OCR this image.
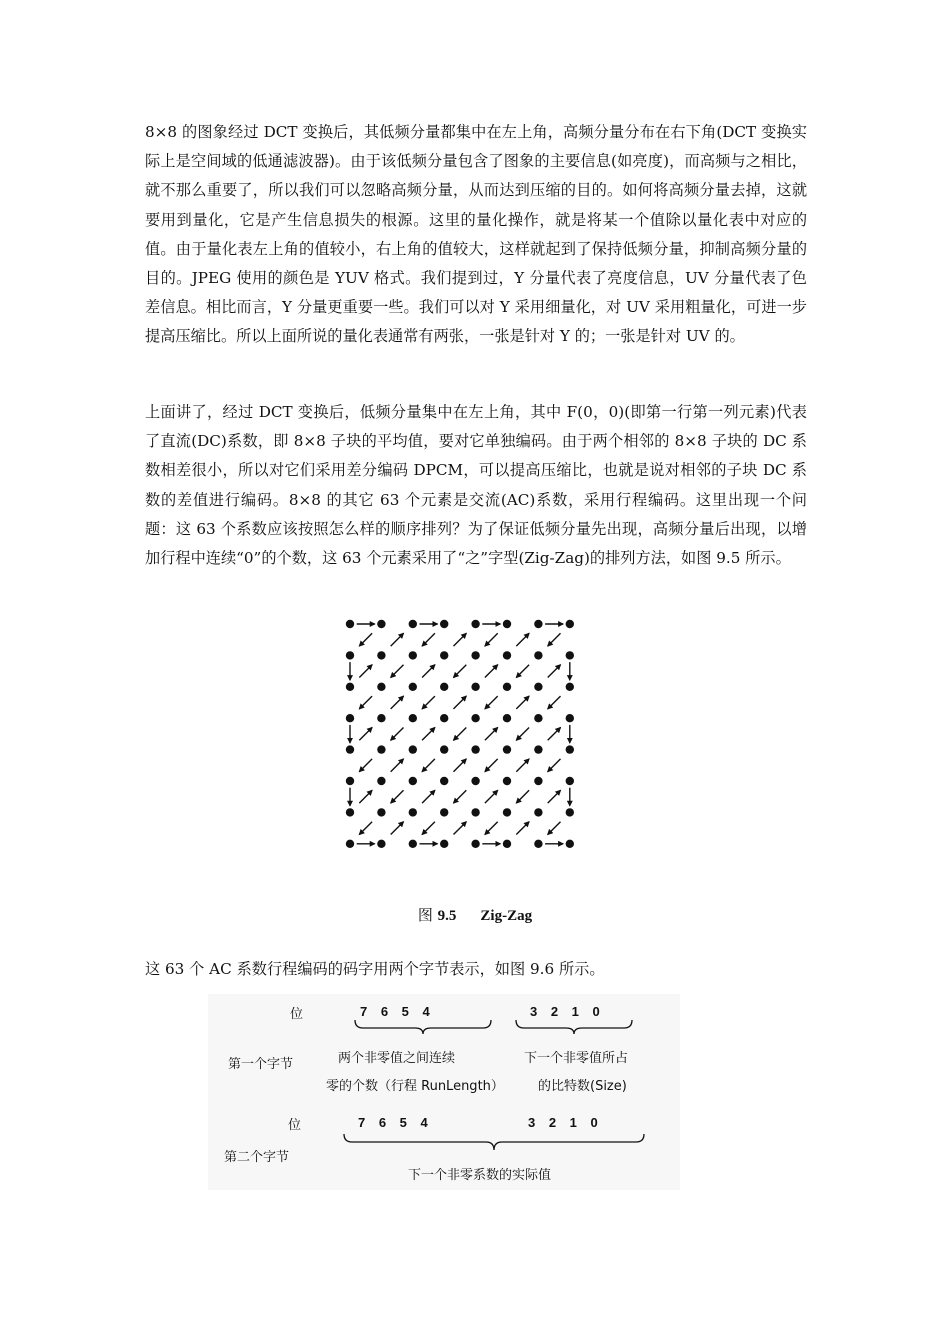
8×8 的图象经过 DCT 变换后，其低频分量都集中在左上角，高频分量分布在右下角(DCT 变换实际上是空间域的低通滤波器)。由于该低频分量包含了图象的主要信息(如亮度)，而高频与之相比，就不那么重要了，所以我们可以忽略高频分量，从而达到压缩的目的。如何将高频分量去掉，这就要用到量化，它是产生信息损失的根源。这里的量化操作，就是将某一个值除以量化表中对应的值。由于量化表左上角的值较小，右上角的值较大，这样就起到了保持低频分量，抑制高频分量的目的。JPEG 使用的颜色是 YUV 格式。我们提到过，Y 分量代表了亮度信息，UV 分量代表了色差信息。相比而言，Y 分量更重要一些。我们可以对 Y 采用细量化，对 UV 采用粗量化，可进一步提高压缩比。所以上面所说的量化表通常有两张，一张是针对 Y 的；一张是针对 UV 的。

上面讲了，经过 DCT 变换后，低频分量集中在左上角，其中 F(0，0)(即第一行第一列元素)代表了直流(DC)系数，即 8×8 子块的平均值，要对它单独编码。由于两个相邻的 8×8 子块的 DC 系数相差很小，所以对它们采用差分编码 DPCM，可以提高压缩比，也就是说对相邻的子块 DC 系数的差值进行编码。8×8 的其它 63 个元素是交流(AC)系数，采用行程编码。这里出现一个问题：这 63 个系数应该按照怎么样的顺序排列？为了保证低频分量先出现，高频分量后出现，以增加行程中连续“0”的个数，这 63 个元素采用了“之”字型(Zig-Zag)的排列方法，如图 9.5 所示。

图 9.5 Zig-Zag

这 63 个 AC 系数行程编码的码字用两个字节表示，如图 9.6 所示。

位	7 6 5 4	3 2 1 0
第一个字节	两个非零值之间连续
零的个数（行程 RunLength）
下一个非零值所占
的比特数(Size)
位	7 6 5 4	3 2 1 0
第二个字节
下一个非零系数的实际值
